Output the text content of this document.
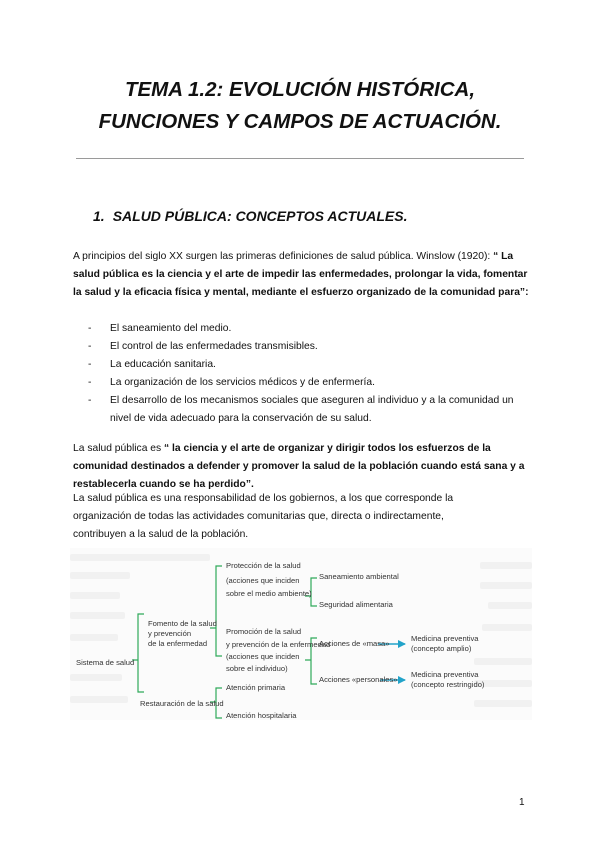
TEMA 1.2: EVOLUCIÓN HISTÓRICA,
FUNCIONES Y CAMPOS DE ACTUACIÓN.
1. SALUD PÚBLICA: CONCEPTOS ACTUALES.

A principios del siglo XX surgen las primeras definiciones de salud pública. Winslow (1920): “ La salud pública es la ciencia y el arte de impedir las enfermedades, prolongar la vida, fomentar la salud y la eficacia física y mental, mediante el esfuerzo organizado de la comunidad para”:

- El saneamiento del medio.
- El control de las enfermedades transmisibles.
- La educación sanitaria.
- La organización de los servicios médicos y de enfermería.
- El desarrollo de los mecanismos sociales que aseguren al individuo y a la comunidad un nivel de vida adecuado para la conservación de su salud.

La salud pública es “ la ciencia y el arte de organizar y dirigir todos los esfuerzos de la comunidad destinados a defender y promover la salud de la población cuando está sana y a restablecerla cuando se ha perdido”.

La salud pública es una responsabilidad de los gobiernos, a los que corresponde la

organización de todas las actividades comunitarias que, directa o indirectamente,

contribuyen a la salud de la población.

Sistema de salud
Fomento de la salud
y prevención
de la enfermedad
Protección de la salud
(acciones que inciden
sobre el medio ambiente)
Saneamiento ambiental
Seguridad alimentaria
Promoción de la salud
y prevención de la enfermedad
(acciones que inciden
sobre el individuo)
Acciones de «masa»
Acciones «personales»
Medicina preventiva
(concepto amplio)
Medicina preventiva
(concepto restringido)
Restauración de la salud
Atención primaria
Atención hospitalaria

1
